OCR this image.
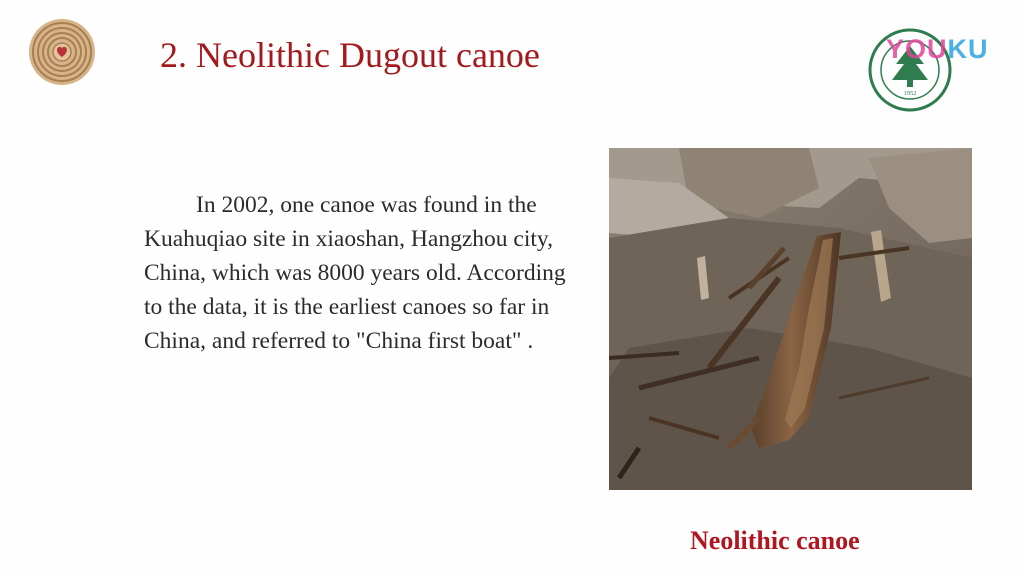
2. Neolithic Dugout canoe
1952
YOUKU
In 2002, one canoe was found in the Kuahuqiao site in xiaoshan, Hangzhou city, China, which was 8000 years old. According to the data, it is the earliest canoes so far in China, and referred to "China first boat" .
Neolithic canoe
